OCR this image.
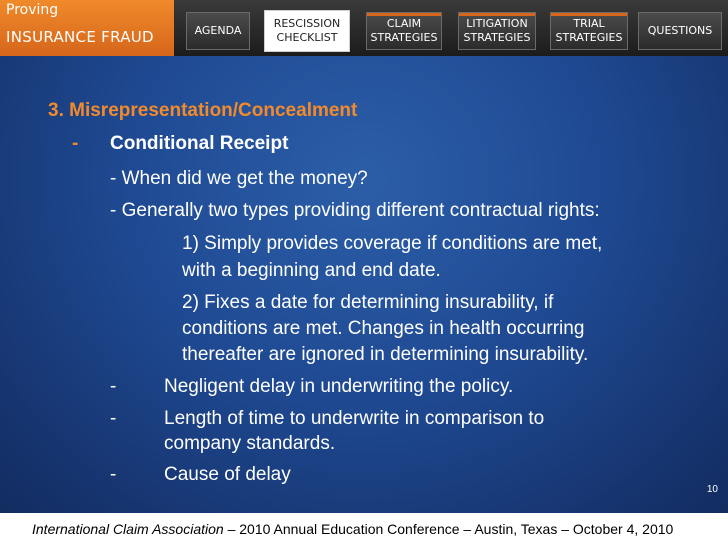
Proving
INSURANCE FRAUD	AGENDA
RESCISSION
CHECKLIST
CLAIM
STRATEGIES
LITIGATION
STRATEGIES
TRIAL
STRATEGIES
QUESTIONS
3. Misrepresentation/Concealment
- Conditional Receipt
- When did we get the money?
- Generally two types providing different contractual rights:
1) Simply provides coverage if conditions are met,
with a beginning and end date.
2) Fixes a date for determining insurability, if
conditions are met. Changes in health occurring
thereafter are ignored in determining insurability.
-	Negligent delay in underwriting the policy.
-	Length of time to underwrite in comparison to
company standards.
-	Cause of delay
10
International Claim Association – 2010 Annual Education Conference – Austin, Texas – October 4, 2010
